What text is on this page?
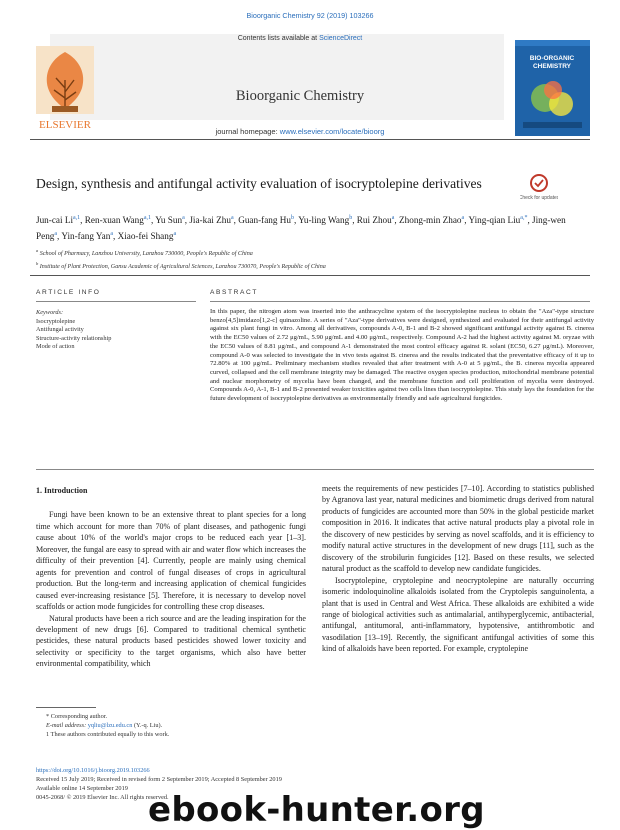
Bioorganic Chemistry 92 (2019) 103266
ELSEVIER
Contents lists available at ScienceDirect
Bioorganic Chemistry
journal homepage: www.elsevier.com/locate/bioorg
BIO-ORGANIC
CHEMISTRY
Design, synthesis and antifungal activity evaluation of isocryptolepine derivatives
Check for updates
Jun-cai Li$^{a,1}$, Ren-xuan Wang$^{a,1}$, Yu Sun$^a$, Jia-kai Zhu$^a$, Guan-fang Hu$^b$, Yu-ling Wang$^b$, Rui Zhou$^a$, Zhong-min Zhao$^a$, Ying-qian Liu$^{a,*}$, Jing-wen Peng$^a$, Yin-fang Yan$^a$, Xiao-fei Shang$^a$
$^a$ School of Pharmacy, Lanzhou University, Lanzhou 730000, People's Republic of China
$^b$ Institute of Plant Protection, Gansu Academic of Agricultural Sciences, Lanzhou 730070, People's Republic of China
ARTICLE INFO	ABSTRACT
Keywords:
Isocryptolepine
Antifungal activity
Structure-activity relationship
Mode of action
In this paper, the nitrogen atom was inserted into the anthracycline system of the isocryptolepine nucleus to obtain the "Aza"-type structure benzo[4,5]imidazo[1,2-c] quinazoline. A series of "Aza"-type derivatives were designed, synthesized and evaluated for their antifungal activity against six plant fungi in vitro. Among all derivatives, compounds A-0, B-1 and B-2 showed significant antifungal activity against B. cinerea with the EC50 values of 2.72 μg/mL, 5.90 μg/mL and 4.00 μg/mL, respectively. Compound A-2 had the highest activity against M. oryzae with the EC50 values of 8.81 μg/mL, and compound A-1 demonstrated the most control efficacy against R. solani (EC50, 6.27 μg/mL). Moreover, compound A-0 was selected to investigate the in vivo tests against B. cinerea and the results indicated that the preventative efficacy of it up to 72.80% at 100 μg/mL. Preliminary mechanism studies revealed that after treatment with A-0 at 5 μg/mL, the B. cinerea mycelia appeared curved, collapsed and the cell membrane integrity may be damaged. The reactive oxygen species production, mitochondrial membrane potential and nuclear morphometry of mycelia have been changed, and the membrane function and cell proliferation of mycelia were destroyed. Compounds A-0, A-1, B-1 and B-2 presented weaker toxicities against two cells lines than isocryptolepine. This study lays the foundation for the future development of isocryptolepine derivatives as environmentally friendly and safe agricultural fungicides.
1. Introduction

Fungi have been known to be an extensive threat to plant species for a long time which account for more than 70% of plant diseases, and pathogenic fungi cause about 10% of the world's major crops to be reduced each year [1–3]. Moreover, the fungal are easy to spread with air and water flow which increases the difficulty of their prevention [4]. Currently, people are mainly using chemical agents for prevention and control of fungal diseases of crops in agricultural production. But the long-term and increasing application of chemical fungicides caused ever-increasing resistance [5]. Therefore, it is necessary to develop novel scaffolds or action mode fungicides for controlling these crop diseases.

Natural products have been a rich source and are the leading inspiration for the development of new drugs [6]. Compared to traditional chemical synthetic pesticides, these natural products based pesticides showed lower toxicity and selectivity or specificity to the target organisms, which also have better environmental compatibility, which

meets the requirements of new pesticides [7–10]. According to statistics published by Agranova last year, natural medicines and biomimetic drugs derived from natural products of fungicides are accounted more than 50% in the global pesticide market composition in 2016. It indicates that active natural products play a pivotal role in the discovery of new pesticides by serving as novel scaffolds, and it is efficiency to modify natural active structures in the development of new drugs [11], such as the discovery of the strobilurin fungicides [12]. Based on these results, we selected natural product as the scaffold to develop new candidate fungicides.

Isocryptolepine, cryptolepine and neocryptolepine are naturally occurring isomeric indoloquinoline alkaloids isolated from the Cryptolepis sanguinolenta, a plant that is used in Central and West Africa. These alkaloids are exhibited a wide range of biological activities such as antimalarial, antihyperglycemic, antibacterial, antifungal, antitumoral, anti-inflammatory, hypotensive, antithrombotic and vasodilation [13–19]. Recently, the significant antifungal activities of some this kind of alkaloids have been reported. For example, cryptolepine

* Corresponding author.
E-mail address: yqliu@lzu.edu.cn (Y.-q. Liu).
1 These authors contributed equally to this work.
https://doi.org/10.1016/j.bioorg.2019.103266
Received 15 July 2019; Received in revised form 2 September 2019; Accepted 8 September 2019
Available online 14 September 2019
0045-2068/ © 2019 Elsevier Inc. All rights reserved.
ebook-hunter.org
